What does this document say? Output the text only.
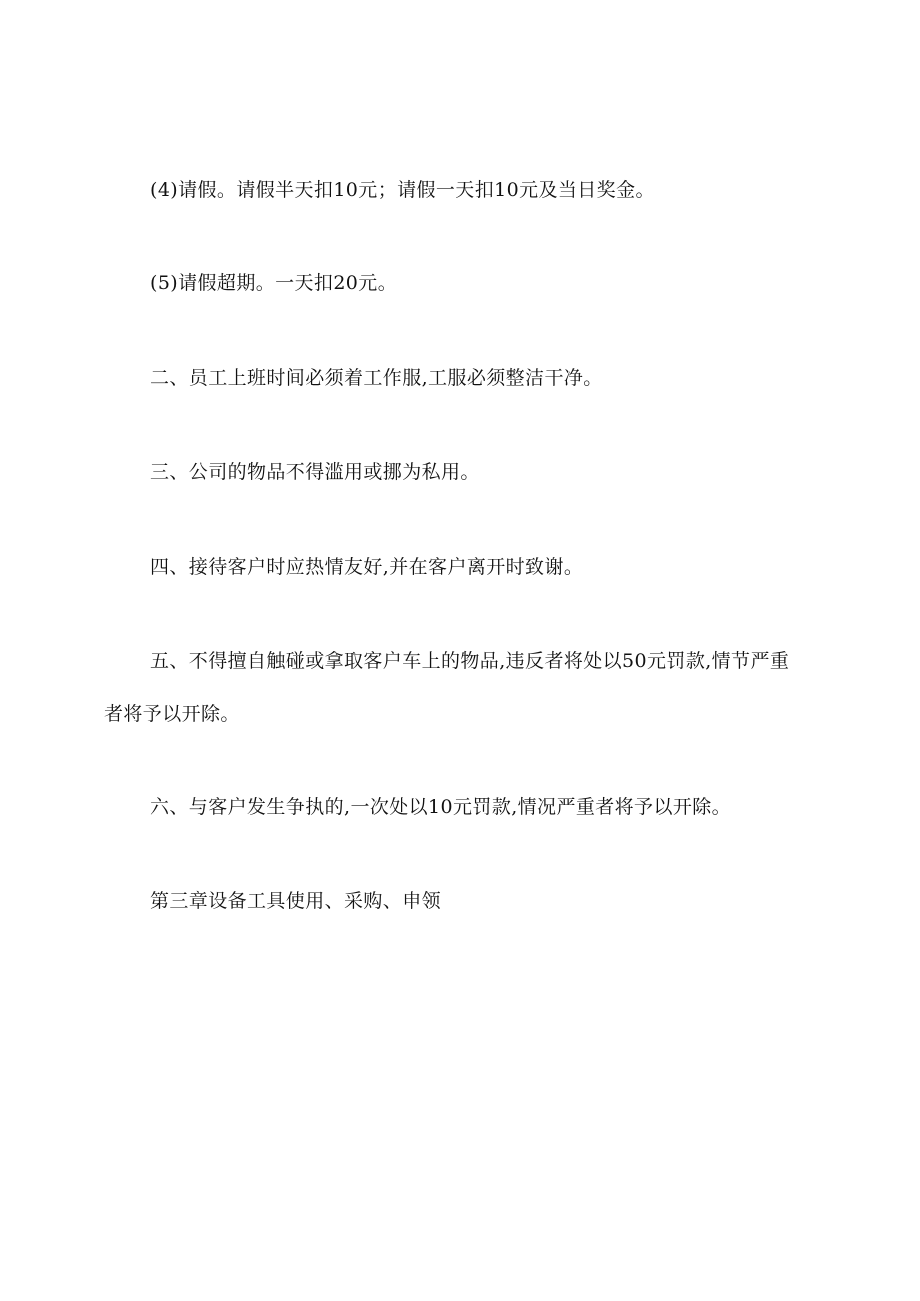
(4)请假。请假半天扣10元；请假一天扣10元及当日奖金。
(5)请假超期。一天扣20元。
二、员工上班时间必须着工作服,工服必须整洁干净。
三、公司的物品不得滥用或挪为私用。
四、接待客户时应热情友好,并在客户离开时致谢。
五、不得擅自触碰或拿取客户车上的物品,违反者将处以50元罚款,情节严重
者将予以开除。
六、与客户发生争执的,一次处以10元罚款,情况严重者将予以开除。
第三章设备工具使用、采购、申领
